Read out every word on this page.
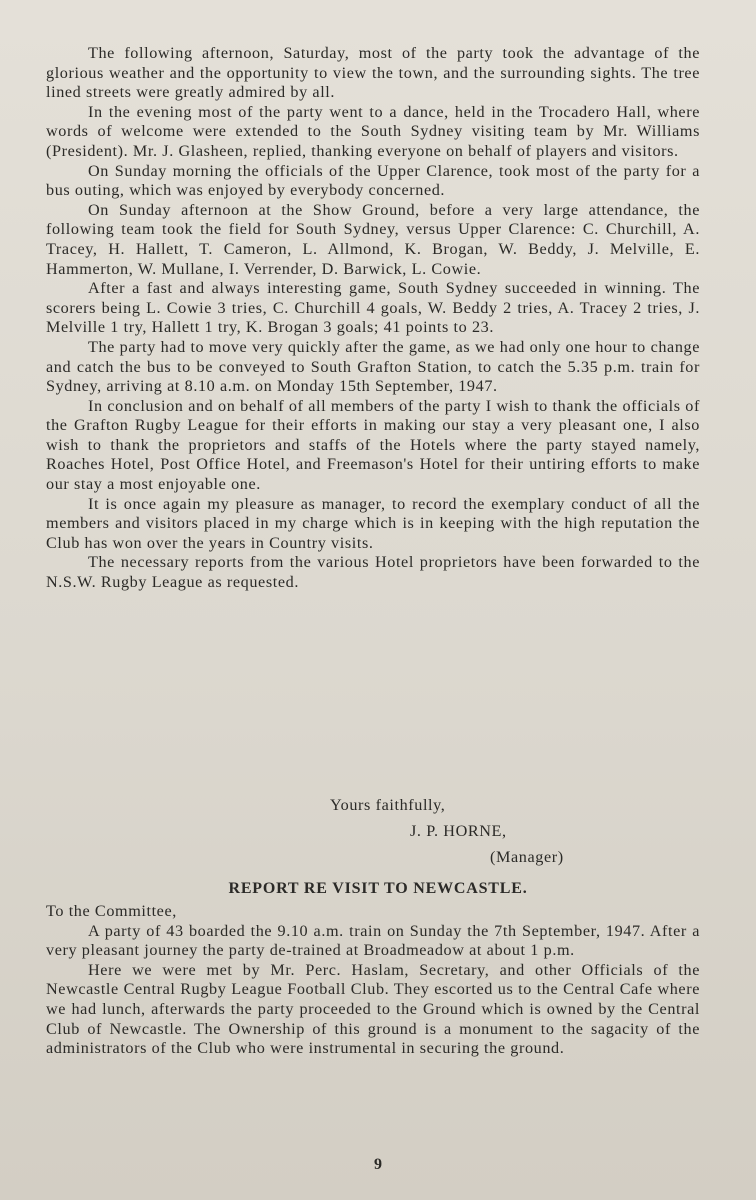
The following afternoon, Saturday, most of the party took the advantage of the glorious weather and the opportunity to view the town, and the surrounding sights. The tree lined streets were greatly admired by all.

In the evening most of the party went to a dance, held in the Trocadero Hall, where words of welcome were extended to the South Sydney visiting team by Mr. Williams (President). Mr. J. Glasheen, replied, thanking everyone on behalf of players and visitors.

On Sunday morning the officials of the Upper Clarence, took most of the party for a bus outing, which was enjoyed by everybody concerned.

On Sunday afternoon at the Show Ground, before a very large attendance, the following team took the field for South Sydney, versus Upper Clarence: C. Churchill, A. Tracey, H. Hallett, T. Cameron, L. Allmond, K. Brogan, W. Beddy, J. Melville, E. Hammerton, W. Mullane, I. Verrender, D. Barwick, L. Cowie.

After a fast and always interesting game, South Sydney succeeded in winning. The scorers being L. Cowie 3 tries, C. Churchill 4 goals, W. Beddy 2 tries, A. Tracey 2 tries, J. Melville 1 try, Hallett 1 try, K. Brogan 3 goals; 41 points to 23.

The party had to move very quickly after the game, as we had only one hour to change and catch the bus to be conveyed to South Grafton Station, to catch the 5.35 p.m. train for Sydney, arriving at 8.10 a.m. on Monday 15th September, 1947.

In conclusion and on behalf of all members of the party I wish to thank the officials of the Grafton Rugby League for their efforts in making our stay a very pleasant one, I also wish to thank the proprietors and staffs of the Hotels where the party stayed namely, Roaches Hotel, Post Office Hotel, and Freemason's Hotel for their untiring efforts to make our stay a most enjoyable one.

It is once again my pleasure as manager, to record the exemplary conduct of all the members and visitors placed in my charge which is in keeping with the high reputation the Club has won over the years in Country visits.

The necessary reports from the various Hotel proprietors have been forwarded to the N.S.W. Rugby League as requested.

Yours faithfully,
J. P. HORNE,
(Manager)
REPORT RE VISIT TO NEWCASTLE.

To the Committee,

A party of 43 boarded the 9.10 a.m. train on Sunday the 7th September, 1947. After a very pleasant journey the party de-trained at Broadmeadow at about 1 p.m.

Here we were met by Mr. Perc. Haslam, Secretary, and other Officials of the Newcastle Central Rugby League Football Club. They escorted us to the Central Cafe where we had lunch, afterwards the party proceeded to the Ground which is owned by the Central Club of Newcastle. The Ownership of this ground is a monument to the sagacity of the administrators of the Club who were instrumental in securing the ground.

9
